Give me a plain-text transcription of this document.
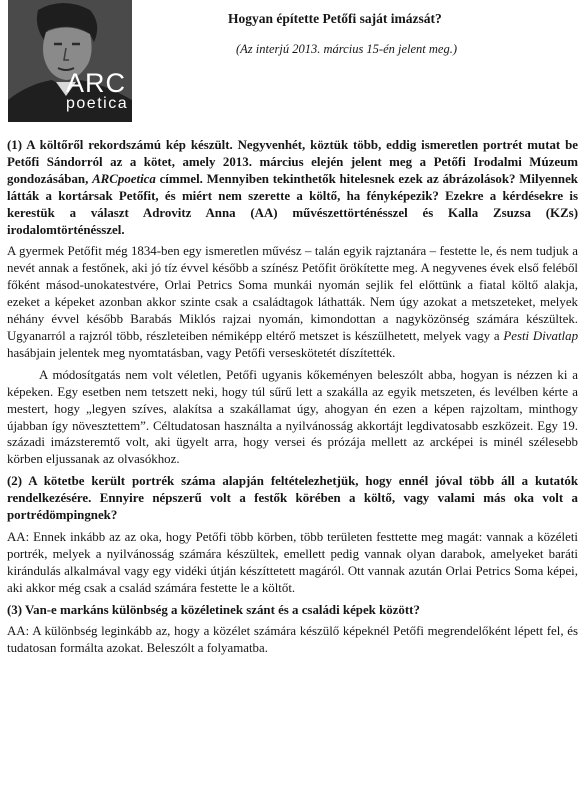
ARC
poetica
Hogyan építette Petőfi saját imázsát?
(Az interjú 2013. március 15-én jelent meg.)

(1) A költőről rekordszámú kép készült. Negyvenhét, köztük több, eddig ismeretlen portrét mutat be Petőfi Sándorról az a kötet, amely 2013. március elején jelent meg a Petőfi Irodalmi Múzeum gondozásában, ARCpoetica címmel. Mennyiben tekinthetők hitelesnek ezek az ábrázolások? Milyennek látták a kortársak Petőfit, és miért nem szerette a költő, ha fényképezik? Ezekre a kérdésekre is kerestük a választ Adrovitz Anna (AA) művészettörténésszel és Kalla Zsuzsa (KZs) irodalomtörténésszel.

A gyermek Petőfit még 1834-ben egy ismeretlen művész – talán egyik rajztanára – festette le, és nem tudjuk a nevét annak a festőnek, aki jó tíz évvel később a színész Petőfit örökítette meg. A negyvenes évek első feléből főként másod-unokatestvére, Orlai Petrics Soma munkái nyomán sejlik fel előttünk a fiatal költő alakja, ezeket a képeket azonban akkor szinte csak a családtagok láthatták. Nem úgy azokat a metszeteket, melyek néhány évvel később Barabás Miklós rajzai nyomán, kimondottan a nagyközönség számára készültek. Ugyanarról a rajzról több, részleteiben némiképp eltérő metszet is készülhetett, melyek vagy a Pesti Divatlap hasábjain jelentek meg nyomtatásban, vagy Petőfi verseskötetét díszítették.

A módosítgatás nem volt véletlen, Petőfi ugyanis kőkeményen beleszólt abba, hogyan is nézzen ki a képeken. Egy esetben nem tetszett neki, hogy túl sűrű lett a szakálla az egyik metszeten, és levélben kérte a mestert, hogy „legyen szíves, alakítsa a szakállamat úgy, ahogyan én ezen a képen rajzoltam, minthogy újabban így növesztettem”. Céltudatosan használta a nyilvánosság akkortájt legdivatosabb eszközeit. Egy 19. századi imázsteremtő volt, aki ügyelt arra, hogy versei és prózája mellett az arcképei is minél szélesebb körben eljussanak az olvasókhoz.

(2) A kötetbe került portrék száma alapján feltételezhetjük, hogy ennél jóval több áll a kutatók rendelkezésére. Ennyire népszerű volt a festők körében a költő, vagy valami más oka volt a portrédömpingnek?

AA: Ennek inkább az az oka, hogy Petőfi több körben, több területen festtette meg magát: vannak a közéleti portrék, melyek a nyilvánosság számára készültek, emellett pedig vannak olyan darabok, amelyeket baráti kirándulás alkalmával vagy egy vidéki útján készíttetett magáról. Ott vannak azután Orlai Petrics Soma képei, aki akkor még csak a család számára festette le a költőt.

(3) Van-e markáns különbség a közéletinek szánt és a családi képek között?

AA: A különbség leginkább az, hogy a közélet számára készülő képeknél Petőfi megrendelőként lépett fel, és tudatosan formálta azokat. Beleszólt a folyamatba.
